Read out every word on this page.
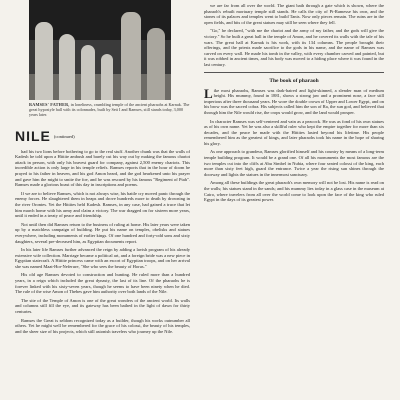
RAMSES' FATHER, in loneliness, crumbling temple of the ancient pharaohs at Karnak. The great hypostyle hall with its colonnades, built by Seti I and Ramses, still stands today, 3,000 years later.
NILE (continued)

had his two lions before bothering to go to the real stuff. Another chunk was that the walls of Kadesh he told upon a Hittite ambush and barely cut his way out by making the famous chariot attack in person, with only his bravest guard for company, against 2,500 enemy chariots. This incredible action is only large in his temple reliefs. Ramses reports that in the hour of doom he prayed to his father in heaven, and his god Amon heard, and the god hearkened unto his prayer and gave him the might to smite the foe, and he was rescued by his famous "Regiment of Ptah". Ramses made a glorious boast of this day in inscriptions and poems.

If we are to believe Ramses, which is not always wise, his battle cry moved panic through the enemy forces. He slaughtered them in heaps and drove hundreds more to death by drowning in the river Orontes. Yet the Hittites held Kadesh. Ramses, in any case, had gained a truce that let him march home with his army and claim a victory. The war dragged on for sixteen more years, until it ended in a treaty of peace and friendship.

Not until then did Ramses return to the business of ruling at home. His later years were taken up by a matchless campaign of building. He put his name on temples, obelisks and statues everywhere, including monuments of earlier kings. Of one hundred and forty-odd sons and sixty daughters, several pre-deceased him, as Egyptian documents report.

In his later life Ramses further advanced the reign by adding a lavish program of his already extensive wife collection. Marriage became a political art, and a foreign bride was a new piece in Egyptian statecraft. A Hittite princess came with an escort of Egyptian troops, and on her arrival she was named Maat-Hor-Neferure, "She who sees the beauty of Horus."

His old age Ramses devoted to construction and hunting. He ruled more than a hundred years, in a reign which included the great dynasty, the last of its line. Of the pharaohs he is forever linked with his sixty-seven years, though he seems to have been ninety when he died. The rule of the wise Amon of Thebes gave him authority over both lands of the Nile.

The site of the Temple of Amon is one of the great wonders of the ancient world. Its walls and columns still fill the eye, and its gateway has been bathed in the light of dawn for thirty centuries.

Ramses the Great is seldom recognized today as a builder, though his works outnumber all others. Yet he might well be remembered for the grace of his colossi, the beauty of his temples, and the sheer size of his projects, which still astonish travelers who journey up the Nile.

we are far from all over the world. The giant bath through a gate which is shown, where the pharaoh's rebuilt mortuary temple still stands. He calls the city of Pi-Ramesse his own, and the stones of its palaces and temples went to build Tanis. Now only pieces remain. The ruins are in the open fields, and bits of the great statues may still be seen where they fell.

"Go," he declared, "with me the chariot and the army of my father, and the gods will give the victory." So he built a great hall in the temple of Amon, and he covered its walls with the tale of his wars. The great hall at Karnak is his work, with its 134 columns. The people brought their offerings, and the priests made sacrifice to the gods in his name, and the name of Ramses was carved on every wall. He made his tomb in the valley, with every chamber carved and painted, but it was robbed in ancient times, and his body was moved to a hiding place where it was found in the last century.

The book of pharaoh

Like most pharaohs, Ramses was dark-haired and light-skinned, a slender man of medium height. His mummy, found in 1881, shows a strong jaw and a prominent nose, a face still imperious after three thousand years. He wore the double crown of Upper and Lower Egypt, and on his brow was the sacred cobra. His subjects called him the son of Ra, the sun god, and believed that through him the Nile would rise, the crops would grow, and the land would prosper.

In character Ramses was self-centered and vain as a peacock. He was as fond of his own statues as of his own name. Yet he was also a skillful ruler who kept the empire together for more than six decades, and the peace he made with the Hittites lasted beyond his lifetime. His people remembered him as the greatest of kings, and later pharaohs took his name in the hope of sharing his glory.

As one approach to grandeur, Ramses glorified himself and his country by means of a long-term temple building program. It would be a grand one. Of all his monuments the most famous are the two temples cut into the cliffs at Abu Simbel in Nubia, where four seated colossi of the king, each more than sixty feet high, guard the entrance. Twice a year the rising sun shines through the doorway and lights the statues in the innermost sanctuary.

Among all these buildings the great pharaoh's own memory will not be lost. His name is read on the walls; his statues stand in the sands; and his mummy lies today in a glass case in the museum at Cairo, where travelers from all over the world come to look upon the face of the king who ruled Egypt in the days of its greatest power.
